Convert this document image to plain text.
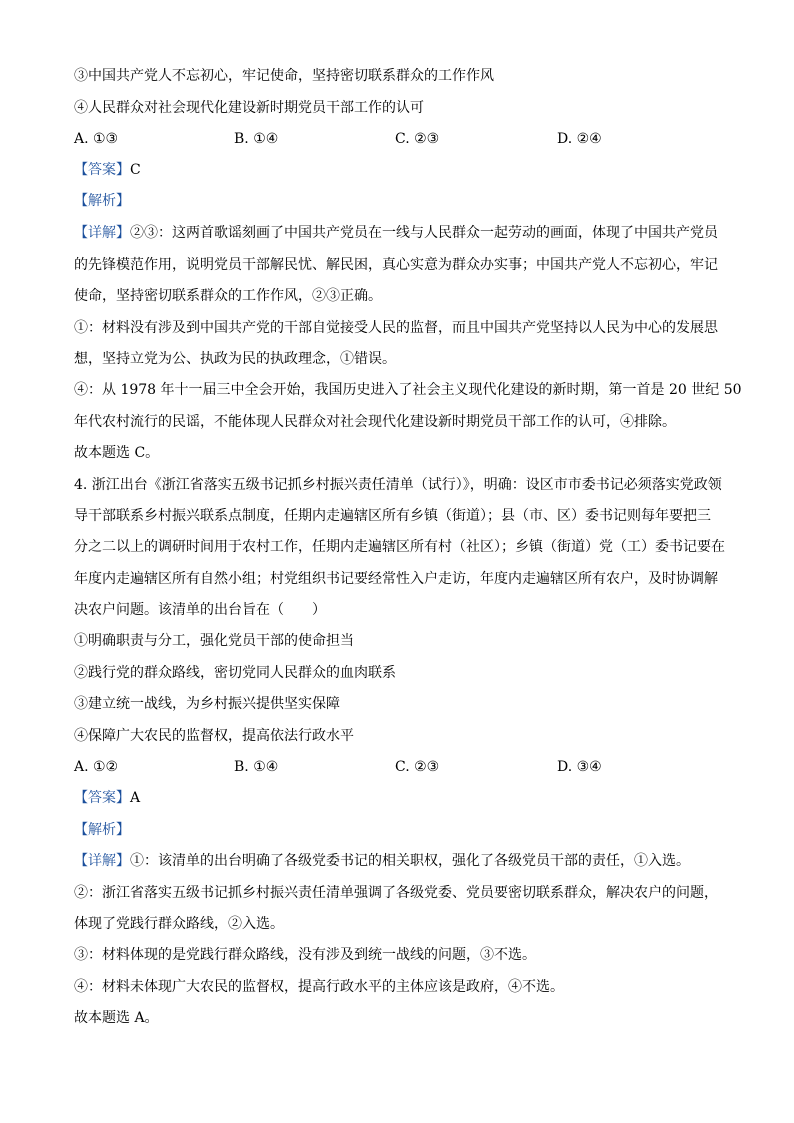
③中国共产党人不忘初心，牢记使命，坚持密切联系群众的工作作风
④人民群众对社会现代化建设新时期党员干部工作的认可
A. ①③	B. ①④	C. ②③	D. ②④
【答案】C
【解析】
【详解】②③：这两首歌谣刻画了中国共产党员在一线与人民群众一起劳动的画面，体现了中国共产党员
的先锋模范作用，说明党员干部解民忧、解民困，真心实意为群众办实事；中国共产党人不忘初心，牢记
使命，坚持密切联系群众的工作作风，②③正确。
①：材料没有涉及到中国共产党的干部自觉接受人民的监督，而且中国共产党坚持以人民为中心的发展思
想，坚持立党为公、执政为民的执政理念，①错误。
④：从 1978 年十一届三中全会开始，我国历史进入了社会主义现代化建设的新时期，第一首是 20 世纪 50
年代农村流行的民谣，不能体现人民群众对社会现代化建设新时期党员干部工作的认可，④排除。
故本题选 C。
4. 浙江出台《浙江省落实五级书记抓乡村振兴责任清单（试行）》，明确：设区市市委书记必须落实党政领
导干部联系乡村振兴联系点制度，任期内走遍辖区所有乡镇（街道）；县（市、区）委书记则每年要把三
分之二以上的调研时间用于农村工作，任期内走遍辖区所有村（社区）；乡镇（街道）党（工）委书记要在
年度内走遍辖区所有自然小组；村党组织书记要经常性入户走访，年度内走遍辖区所有农户，及时协调解
决农户问题。该清单的出台旨在（　　）
①明确职责与分工，强化党员干部的使命担当
②践行党的群众路线，密切党同人民群众的血肉联系
③建立统一战线，为乡村振兴提供坚实保障
④保障广大农民的监督权，提高依法行政水平
A. ①②	B. ①④	C. ②③	D. ③④
【答案】A
【解析】
【详解】①：该清单的出台明确了各级党委书记的相关职权，强化了各级党员干部的责任，①入选。
②：浙江省落实五级书记抓乡村振兴责任清单强调了各级党委、党员要密切联系群众，解决农户的问题，
体现了党践行群众路线，②入选。
③：材料体现的是党践行群众路线，没有涉及到统一战线的问题，③不选。
④：材料未体现广大农民的监督权，提高行政水平的主体应该是政府，④不选。
故本题选 A。
